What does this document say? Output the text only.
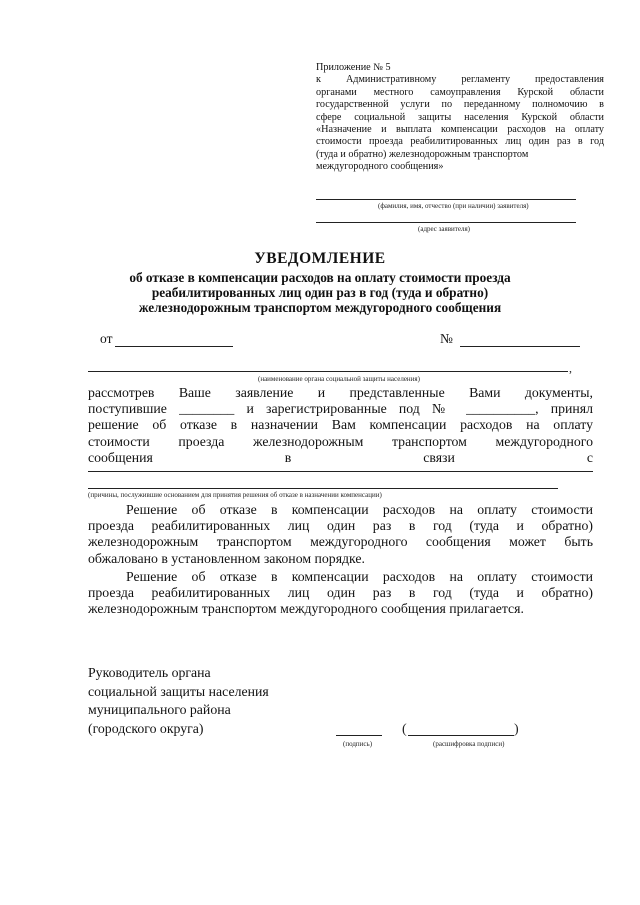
Приложение № 5
к Административному регламенту предоставления
органами местного самоуправления Курской области
государственной услуги по переданному полномочию в
сфере социальной защиты населения Курской области
«Назначение и выплата компенсации расходов на оплату
стоимости проезда реабилитированных лиц один раз в год
(туда и обратно) железнодорожным транспортом
междугородного сообщения»
(фамилия, имя, отчество (при наличии) заявителя)
(адрес заявителя)
УВЕДОМЛЕНИЕ
об отказе в компенсации расходов на оплату стоимости проезда
реабилитированных лиц один раз в год (туда и обратно)
железнодорожным транспортом междугородного сообщения
от	№
,
(наименование органа социальной защиты населения)
рассмотрев Ваше заявление и представленные Вами документы,
поступившие ________ и зарегистрированные под № __________, принял
решение об отказе в назначении Вам компенсации расходов на оплату
стоимости проезда железнодорожным транспортом междугородного
сообщения в связи с
(причины, послужившие основанием для принятия решения об отказе в назначении компенсации)
Решение об отказе в компенсации расходов на оплату стоимости
проезда реабилитированных лиц один раз в год (туда и обратно)
железнодорожным транспортом междугородного сообщения может быть
обжаловано в установленном законом порядке.
Решение об отказе в компенсации расходов на оплату стоимости
проезда реабилитированных лиц один раз в год (туда и обратно)
железнодорожным транспортом междугородного сообщения прилагается.
Руководитель органа
социальной защиты населения
муниципального района
(городского округа)
(подпись)
(	)
(расшифровка подписи)
